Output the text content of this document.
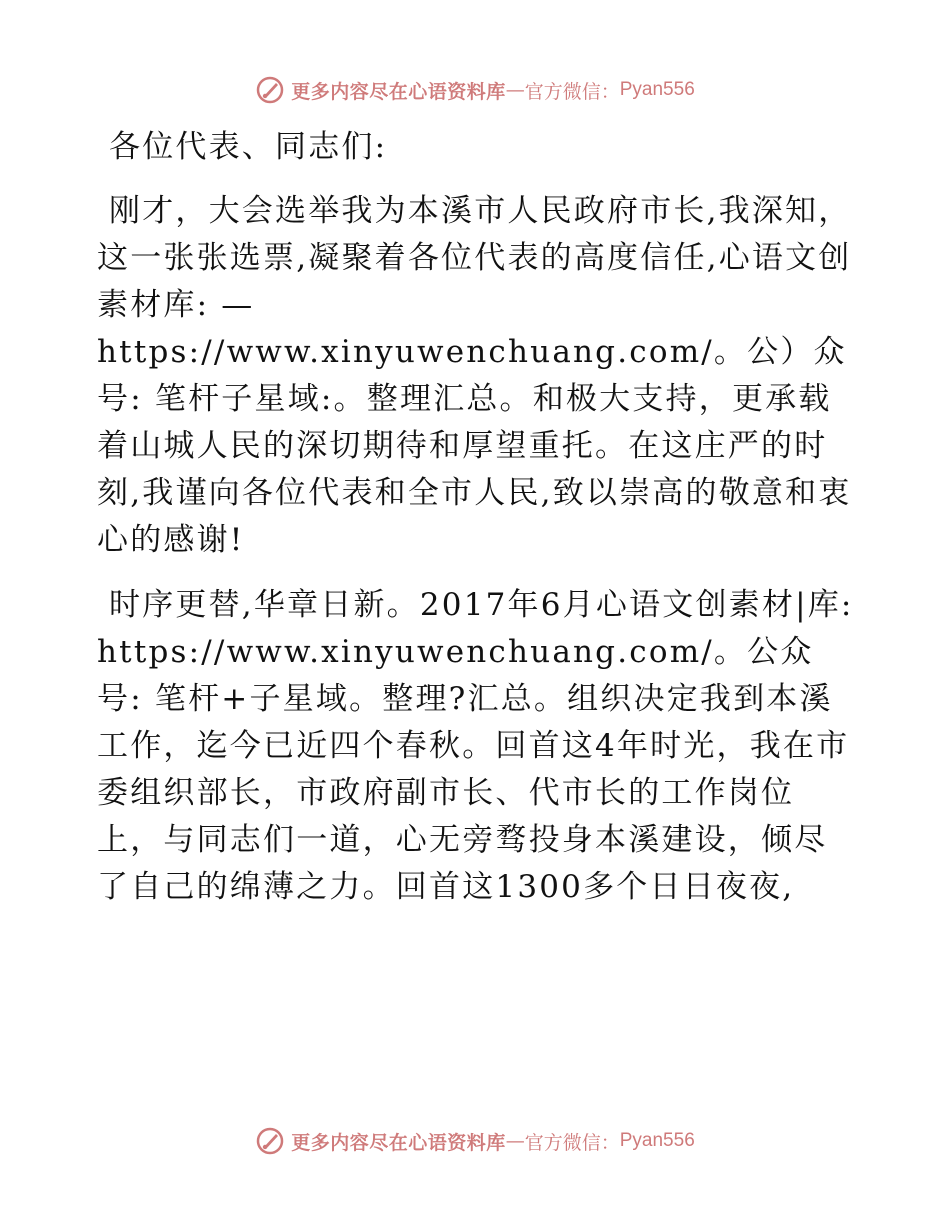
更多内容尽在心语资料库 — 官方微信： Pyan556

各位代表、同志们:

刚才，大会选举我为本溪市人民政府市长,我深知，这一张张选票,凝聚着各位代表的高度信任,心语文创素材库: —https://www.xinyuwenchuang.com/。公）众号: 笔杆子星域:。整理汇总。和极大支持，更承载着山城人民的深切期待和厚望重托。在这庄严的时刻,我谨向各位代表和全市人民,致以崇高的敬意和衷心的感谢!

时序更替,华章日新。2017年6月心语文创素材|库: https://www.xinyuwenchuang.com/。公众号: 笔杆+子星域。整理?汇总。组织决定我到本溪工作，迄今已近四个春秋。回首这4年时光，我在市委组织部长，市政府副市长、代市长的工作岗位上，与同志们一道，心无旁骛投身本溪建设，倾尽了自己的绵薄之力。回首这1300多个日日夜夜,

更多内容尽在心语资料库 — 官方微信： Pyan556
